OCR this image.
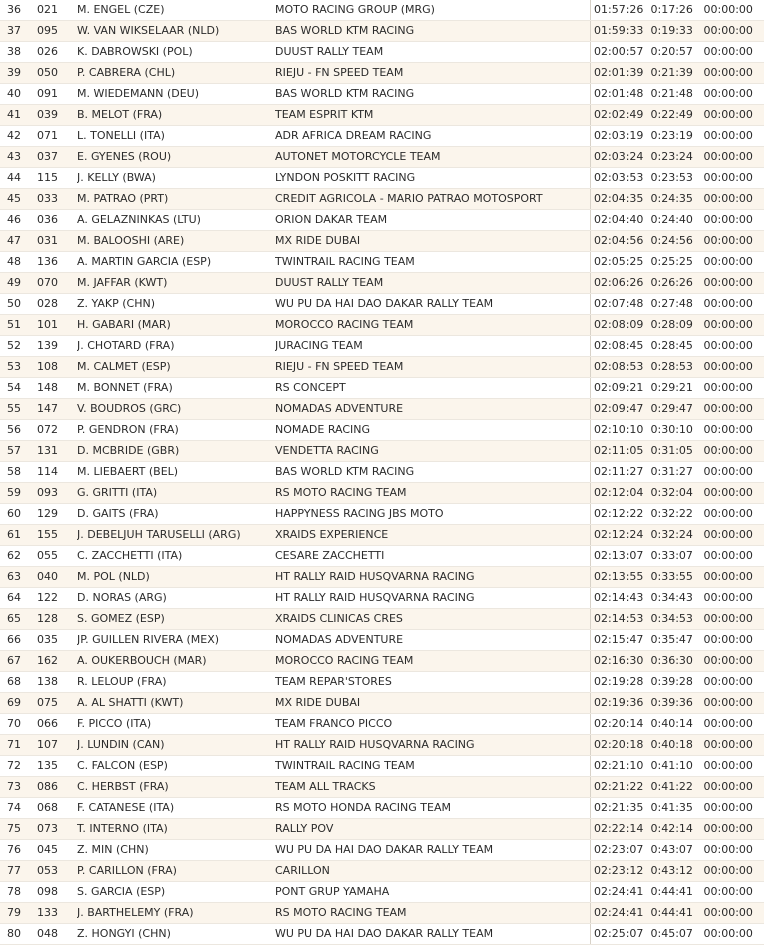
36	021	M. ENGEL (CZE)	MOTO RACING GROUP (MRG)	01:57:26	0:17:26	00:00:00
37	095	W. VAN WIKSELAAR (NLD)	BAS WORLD KTM RACING	01:59:33	0:19:33	00:00:00
38	026	K. DABROWSKI (POL)	DUUST RALLY TEAM	02:00:57	0:20:57	00:00:00
39	050	P. CABRERA (CHL)	RIEJU - FN SPEED TEAM	02:01:39	0:21:39	00:00:00
40	091	M. WIEDEMANN (DEU)	BAS WORLD KTM RACING	02:01:48	0:21:48	00:00:00
41	039	B. MELOT (FRA)	TEAM ESPRIT KTM	02:02:49	0:22:49	00:00:00
42	071	L. TONELLI (ITA)	ADR AFRICA DREAM RACING	02:03:19	0:23:19	00:00:00
43	037	E. GYENES (ROU)	AUTONET MOTORCYCLE TEAM	02:03:24	0:23:24	00:00:00
44	115	J. KELLY (BWA)	LYNDON POSKITT RACING	02:03:53	0:23:53	00:00:00
45	033	M. PATRAO (PRT)	CREDIT AGRICOLA - MARIO PATRAO MOTOSPORT	02:04:35	0:24:35	00:00:00
46	036	A. GELAZNINKAS (LTU)	ORION DAKAR TEAM	02:04:40	0:24:40	00:00:00
47	031	M. BALOOSHI (ARE)	MX RIDE DUBAI	02:04:56	0:24:56	00:00:00
48	136	A. MARTIN GARCIA (ESP)	TWINTRAIL RACING TEAM	02:05:25	0:25:25	00:00:00
49	070	M. JAFFAR (KWT)	DUUST RALLY TEAM	02:06:26	0:26:26	00:00:00
50	028	Z. YAKP (CHN)	WU PU DA HAI DAO DAKAR RALLY TEAM	02:07:48	0:27:48	00:00:00
51	101	H. GABARI (MAR)	MOROCCO RACING TEAM	02:08:09	0:28:09	00:00:00
52	139	J. CHOTARD (FRA)	JURACING TEAM	02:08:45	0:28:45	00:00:00
53	108	M. CALMET (ESP)	RIEJU - FN SPEED TEAM	02:08:53	0:28:53	00:00:00
54	148	M. BONNET (FRA)	RS CONCEPT	02:09:21	0:29:21	00:00:00
55	147	V. BOUDROS (GRC)	NOMADAS ADVENTURE	02:09:47	0:29:47	00:00:00
56	072	P. GENDRON (FRA)	NOMADE RACING	02:10:10	0:30:10	00:00:00
57	131	D. MCBRIDE (GBR)	VENDETTA RACING	02:11:05	0:31:05	00:00:00
58	114	M. LIEBAERT (BEL)	BAS WORLD KTM RACING	02:11:27	0:31:27	00:00:00
59	093	G. GRITTI (ITA)	RS MOTO RACING TEAM	02:12:04	0:32:04	00:00:00
60	129	D. GAITS (FRA)	HAPPYNESS RACING JBS MOTO	02:12:22	0:32:22	00:00:00
61	155	J. DEBELJUH TARUSELLI (ARG)	XRAIDS EXPERIENCE	02:12:24	0:32:24	00:00:00
62	055	C. ZACCHETTI (ITA)	CESARE ZACCHETTI	02:13:07	0:33:07	00:00:00
63	040	M. POL (NLD)	HT RALLY RAID HUSQVARNA RACING	02:13:55	0:33:55	00:00:00
64	122	D. NORAS (ARG)	HT RALLY RAID HUSQVARNA RACING	02:14:43	0:34:43	00:00:00
65	128	S. GOMEZ (ESP)	XRAIDS CLINICAS CRES	02:14:53	0:34:53	00:00:00
66	035	JP. GUILLEN RIVERA (MEX)	NOMADAS ADVENTURE	02:15:47	0:35:47	00:00:00
67	162	A. OUKERBOUCH (MAR)	MOROCCO RACING TEAM	02:16:30	0:36:30	00:00:00
68	138	R. LELOUP (FRA)	TEAM REPAR'STORES	02:19:28	0:39:28	00:00:00
69	075	A. AL SHATTI (KWT)	MX RIDE DUBAI	02:19:36	0:39:36	00:00:00
70	066	F. PICCO (ITA)	TEAM FRANCO PICCO	02:20:14	0:40:14	00:00:00
71	107	J. LUNDIN (CAN)	HT RALLY RAID HUSQVARNA RACING	02:20:18	0:40:18	00:00:00
72	135	C. FALCON (ESP)	TWINTRAIL RACING TEAM	02:21:10	0:41:10	00:00:00
73	086	C. HERBST (FRA)	TEAM ALL TRACKS	02:21:22	0:41:22	00:00:00
74	068	F. CATANESE (ITA)	RS MOTO HONDA RACING TEAM	02:21:35	0:41:35	00:00:00
75	073	T. INTERNO (ITA)	RALLY POV	02:22:14	0:42:14	00:00:00
76	045	Z. MIN (CHN)	WU PU DA HAI DAO DAKAR RALLY TEAM	02:23:07	0:43:07	00:00:00
77	053	P. CARILLON (FRA)	CARILLON	02:23:12	0:43:12	00:00:00
78	098	S. GARCIA (ESP)	PONT GRUP YAMAHA	02:24:41	0:44:41	00:00:00
79	133	J. BARTHELEMY (FRA)	RS MOTO RACING TEAM	02:24:41	0:44:41	00:00:00
80	048	Z. HONGYI (CHN)	WU PU DA HAI DAO DAKAR RALLY TEAM	02:25:07	0:45:07	00:00:00
